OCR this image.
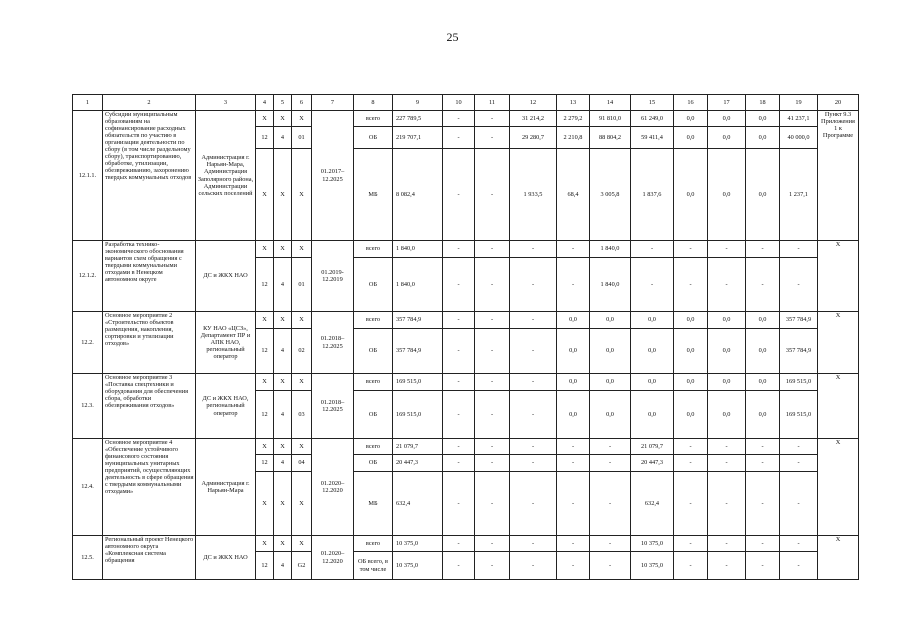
25
1	2	3	4	5	6	7	8	9	10	11	12	13	14	15	16	17	18	19	20
12.1.1.	Субсидии муниципальным образованиям на софинансирование расходных обязательств по участию в организации деятельности по сбору (в том числе раздельному сбору), транспортированию, обработке, утилизации, обезвреживанию, захоронению твердых коммунальных отходов	Администрация г. Нарьян-Мара, Администрация Заполярного района, Администрации сельских поселений	Х	Х	Х	01.2017–12.2025	всего	227 789,5	-	-	31 214,2	2 279,2	91 810,0	61 249,0	0,0	0,0	0,0	41 237,1	Пункт 9.3 Приложения 1 к Программе
			12	4	01		ОБ	219 707,1	-	-	29 280,7	2 210,8	88 804,2	59 411,4	0,0	0,0	0,0	40 000,0	
			Х	Х	Х		МБ	8 082,4	-	-	1 933,5	68,4	3 005,8	1 837,6	0,0	0,0	0,0	1 237,1	
12.1.2.	Разработка технико-экономического обоснования вариантов схем обращения с твердыми коммунальными отходами в Ненецком автономном округе	ДС и ЖКХ НАО	Х	Х	Х	01.2019-12.2019	всего	1 840,0	-	-	-	-	1 840,0	-	-	-	-	-	Х
			12	4	01		ОБ	1 840,0	-	-	-	-	1 840,0	-	-	-	-	-	
12.2.	Основное мероприятие 2 «Строительство объектов размещения, накопления, сортировки и утилизации отходов»	КУ НАО «ЦСЗ», Департамент ПР и АПК НАО, региональный оператор	Х	Х	Х	01.2018–12.2025	всего	357 784,9	-	-	-	0,0	0,0	0,0	0,0	0,0	0,0	357 784,9	Х
			12	4	02		ОБ	357 784,9	-	-	-	0,0	0,0	0,0	0,0	0,0	0,0	357 784,9	
12.3.	Основное мероприятие 3 «Поставка спецтехники и оборудования для обеспечения сбора, обработки обезвреживания отходов»	ДС и ЖКХ НАО, региональный оператор	Х	Х	Х	01.2018–12.2025	всего	169 515,0	-	-	-	0,0	0,0	0,0	0,0	0,0	0,0	169 515,0	Х
			12	4	03		ОБ	169 515,0	-	-	-	0,0	0,0	0,0	0,0	0,0	0,0	169 515,0	
12.4.	Основное мероприятие 4 «Обеспечение устойчивого финансового состояния муниципальных унитарных предприятий, осуществляющих деятельность в сфере обращения с твердыми коммунальными отходами»	Администрация г. Нарьян-Мара	Х	Х	Х	01.2020–12.2020	всего	21 079,7	-	-	-	-	-	21 079,7	-	-	-	-	Х
			12	4	04		ОБ	20 447,3	-	-	-	-	-	20 447,3	-	-	-	-	
			Х	Х	Х		МБ	632,4	-	-	-	-	-	632,4	-	-	-	-	
12.5.	Региональный проект Ненецкого автономного округа «Комплексная система обращения	ДС и ЖКХ НАО	Х	Х	Х	01.2020–12.2020	всего	10 375,0	-	-	-	-	-	10 375,0	-	-	-	-	Х
			12	4	G2		ОБ всего, в том числе	10 375,0	-	-	-	-	-	10 375,0	-	-	-	-	
